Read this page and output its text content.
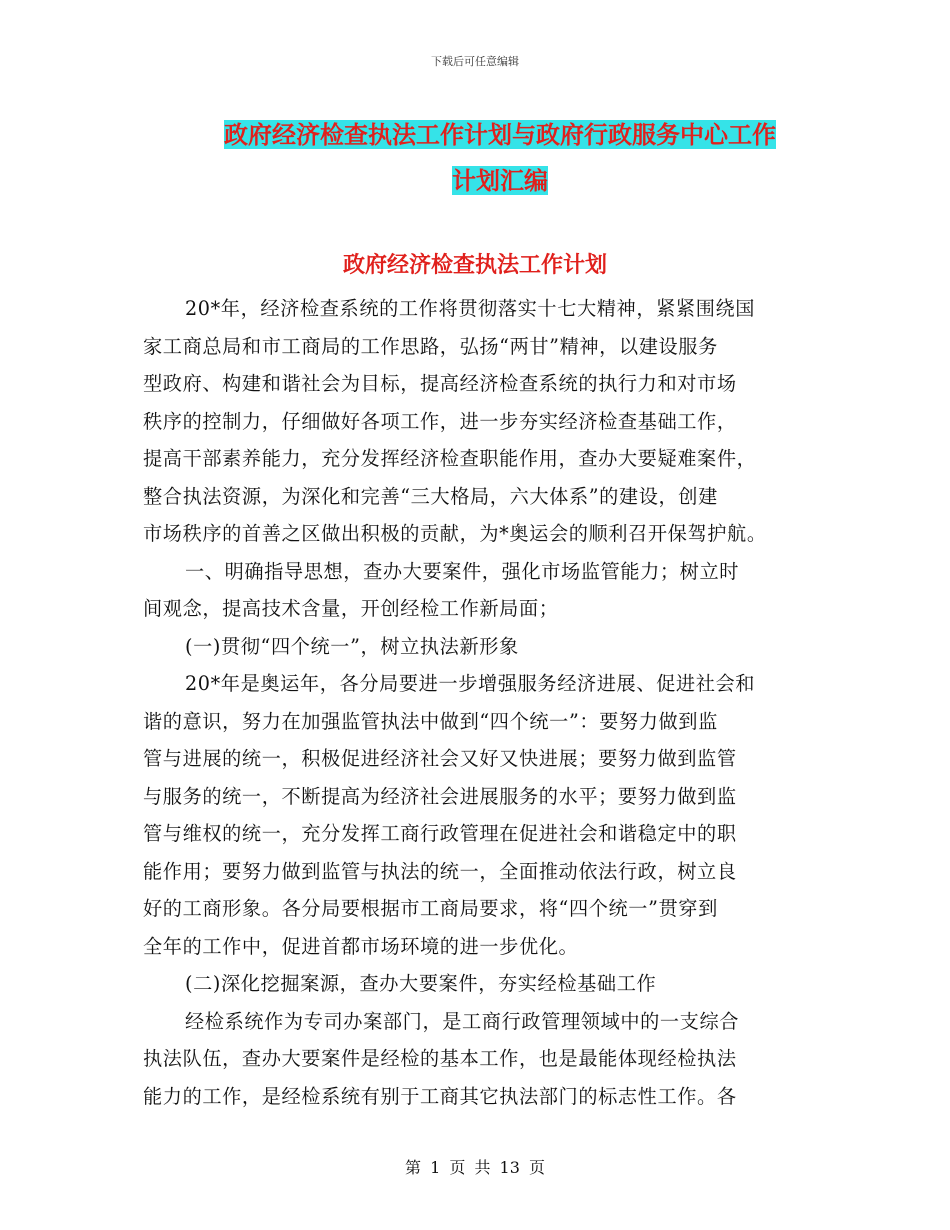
下载后可任意编辑
政府经济检查执法工作计划与政府行政服务中心工作
计划汇编
政府经济检查执法工作计划
20*年，经济检查系统的工作将贯彻落实十七大精神，紧紧围绕国
家工商总局和市工商局的工作思路，弘扬“两甘”精神，以建设服务
型政府、构建和谐社会为目标，提高经济检查系统的执行力和对市场
秩序的控制力，仔细做好各项工作，进一步夯实经济检查基础工作，
提高干部素养能力，充分发挥经济检查职能作用，查办大要疑难案件，
整合执法资源，为深化和完善“三大格局，六大体系”的建设，创建
市场秩序的首善之区做出积极的贡献，为*奥运会的顺利召开保驾护航。
一、明确指导思想，查办大要案件，强化市场监管能力；树立时
间观念，提高技术含量，开创经检工作新局面；
(一)贯彻“四个统一”，树立执法新形象
20*年是奥运年，各分局要进一步增强服务经济进展、促进社会和
谐的意识，努力在加强监管执法中做到“四个统一”：要努力做到监
管与进展的统一，积极促进经济社会又好又快进展；要努力做到监管
与服务的统一，不断提高为经济社会进展服务的水平；要努力做到监
管与维权的统一，充分发挥工商行政管理在促进社会和谐稳定中的职
能作用；要努力做到监管与执法的统一，全面推动依法行政，树立良
好的工商形象。各分局要根据市工商局要求，将“四个统一”贯穿到
全年的工作中，促进首都市场环境的进一步优化。
(二)深化挖掘案源，查办大要案件，夯实经检基础工作
经检系统作为专司办案部门，是工商行政管理领域中的一支综合
执法队伍，查办大要案件是经检的基本工作，也是最能体现经检执法
能力的工作，是经检系统有别于工商其它执法部门的标志性工作。各
第 1 页 共 13 页
